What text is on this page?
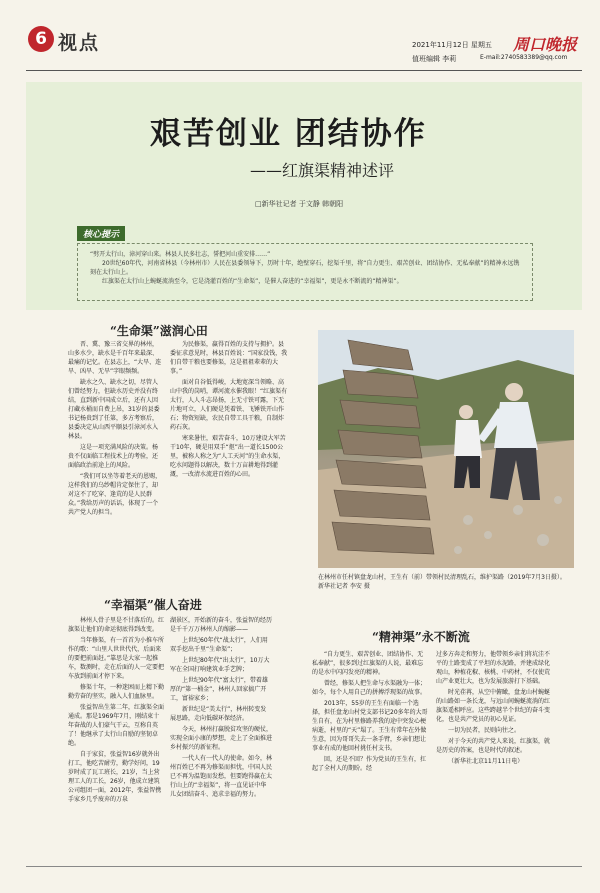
6 视点	2021年11月12日 星期五
值班编辑 李莉
周口晚报
E-mail:2740583389@qq.com
艰苦创业 团结协作
——红旗渠精神述评
□新华社记者 于文静 韩朝阳
核心提示
“劈开太行山，漳河穿山来。林县人民多壮志，誓把河山重安排……”
20世纪60年代，河南省林县（今林州市）人民在县委领导下，历时十年，绝壁穿石，挖渠千里，将“自力更生、艰苦创业、团结协作、无私奉献”的精神永远镌刻在太行山上。
红旗渠在太行山上蜿蜒流淌至今，它是浇灌百姓的“生命渠”，是催人奋进的“幸福渠”，更是永不断流的“精神渠”。
“生命渠”滋润心田

晋、冀、豫三省交界的林州，山多水少，缺水是千百年来最深、最痛的记忆。在县志上，“大旱、连旱、凶旱、无旱”字眼频频。

缺水之久、缺水之切，尽管人们曾经努力，但缺水历史并没有终结，直到新中国成立后，还有人因打藏水桶而自费上吊，31岁的县委书记杨贵到了任第，多方考察后，县委决定从山西平顺县引漳河水入林县。

这是一项充满风险的决策。杨贵不仅面临工程技术上的考验，还面临政治前途上的风险。

“我们可以坐等着老天的恩赐，这样我们的乌纱帽肯定保住了，却对这不了吃穿、逢荒的是人民群众。”我给历声的话话，体现了一个共产党人的担当。

为民修渠，赢得百姓的支持与拥护。县委征求意见时，林县百姓说：“国家没钱，我们自带干粮也要修渠，这是祖祖辈辈的大事。”

面对自谷低得峻，大地宽深当领略、高山中我的岗哨，谭河流水催我眼！“红旗渠有太行，人人斗志昂扬，上无寸铁可露，下无片地可立，人们硬是凭着铁、飞锤铁开山作石；物资短缺，农民自带工具干粮，自制炸药石灰。

寒来暑往，艰苦奋斗，10万建设大军苦干10年，硬是用双手“抠”出一道长1500公里，被称人称之为“人工天河”的生命水渠，吃水问题得以解决，数十万亩耕地得到灌溉，一改清水流进百姓的心田。

在林州市任村镇盘龙山村，王生有（前）带领村民清理乱石，维护渠路（2019年7月3日摄）。新华社记者 李安 摄
“幸福渠”催人奋进

林州人骨子里是不甘落后的。红旗渠让他们的命运彻底得到改变。

当年修渠，有一首首为小推车所作的歌：“山里人世世代代，后面来的要把前面赶。”靠思是大家一起推车，数测时，走在后面的人一定要把车放到前面才停下来。

修渠十年，一种迷困而上精下勤勤劳奋的坚实，融入人们血脉里。

张益智出生第二年，红旗渠全面通成。那是1969年7月，刚结束十年奋战的人们豪气干云，互称自英了！他继承了太行山自励的坚韧卓绝。

自于家贫，张益智16岁就外出打工，他吃苦耐劳，勤学好问，19岁时成了瓦工班长，21岁，当上营理工人的工长，26岁，他成立建筑公司组团一面，2012年，张益智携手家乡几乎废弃的万泉

湖景区，开始新的奋斗，张益智的经历是千千万万林州人的缩影——

上世纪60年代“战太行”，人们用双手挖出千里“生命渠”；

上世纪80年代“出太行”，10万大军在全国打响建筑业手艺牌；

上世纪90年代“富太行”，带着雄厚的“第一桶金”，林州人回家搞广开工，富裕家乡；

新世纪是“美太行”，林州转变发展思路，走向低碳环保经济。

今天，林州打赢脱贫攻坚的硬仗，实现全面小康的梦想，走上了全面推进乡村振兴的新征程。

一代人有一代人的使命。如今，林州百姓已不再为修渠而担忧，中国人民已不再为温饱而发愁，但要跑得赢在太行山上的“幸福渠”，将一直见证中华儿女团结奋斗、追求幸福的努力。

“精神渠”永不断流

“自力更生、艰苦创业、团结协作、无私奉献”，很多到过红旗渠的人说，最难忘的是水中闪闪发亮的精神。

曾经，修渠人把生命与水渠融为一体；如今，每个人用自己的拼搏浮现渠的故事。

2013年，55岁的王生有面临一个选择，担任盘龙山村党支部书记20多年的大哥生自有，在为村里修路养我的途中突发心梗病逝，村里的“天”塌了。王生有常年在外做生意，因为哥哥失去一条手臂，乡亲们想让事业有成的他回村挑任村支书。

回，还是不回？作为党员的王生有，扛起了全村人的期盼。经

过多方奔走和努力，他带领乡亲们将坑洼不平的土路变成了平坦的水泥路，并建成绿化观山，种植花椒、核桃、中药材，不仅使荒山产业更壮大，也为发展旅游打下基础。

时光荏苒，从空中俯瞰，盘龙山村蜿蜒的山路如一条长龙，与远山间蜿蜒流淌的红旗渠遥相呼应。这些跨越半个世纪的奋斗变化，也是共产党员的初心见证。

一切为民者，民则向往之。

对于今天的共产党人来说，红旗渠，就是历史的答案，也是时代的叙述。

（新华社北京11月11日电）
